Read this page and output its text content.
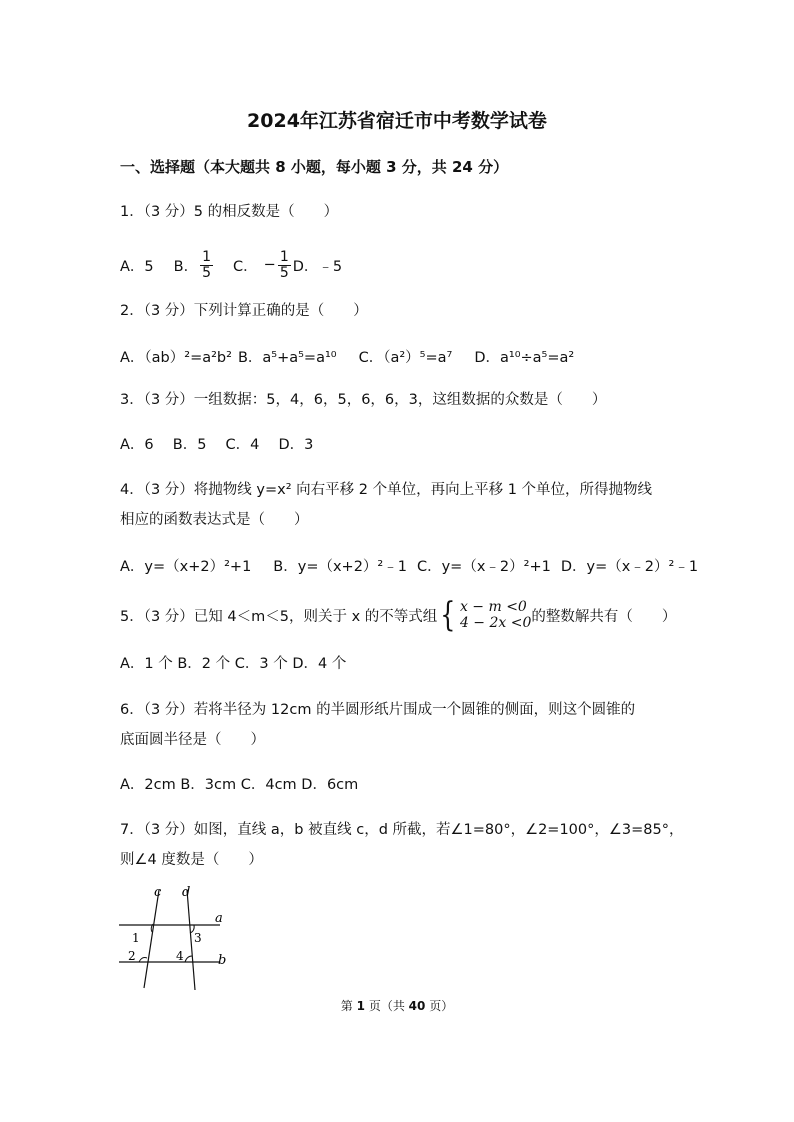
2024年江苏省宿迁市中考数学试卷
一、选择题（本大题共 8 小题，每小题 3 分，共 24 分）
1．（3 分）5 的相反数是（　　）
A．5 B． $\frac{1}{5}$ C． − $\frac{1}{5}$ D．﹣5
2．（3 分）下列计算正确的是（　　）
A．（ab）²=a²b² B．a⁵+a⁵=a¹⁰ C．（a²）⁵=a⁷ D．a¹⁰÷a⁵=a²
3．（3 分）一组数据：5，4，6，5，6，6，3，这组数据的众数是（　　）
A．6　 B．5　 C．4　 D．3
4．（3 分）将抛物线 y=x² 向右平移 2 个单位，再向上平移 1 个单位，所得抛物线
相应的函数表达式是（　　）
A．y=（x+2）²+1 B．y=（x+2）²﹣1 C．y=（x﹣2）²+1 D．y=（x﹣2）²﹣1
5．（3 分）已知 4＜m＜5，则关于 x 的不等式组 { x − m <0
4 − 2x <0 的整数解共有（　　）
A．1 个 B．2 个 C．3 个 D．4 个
6．（3 分）若将半径为 12cm 的半圆形纸片围成一个圆锥的侧面，则这个圆锥的
底面圆半径是（　　）
A．2cm B．3cm C．4cm D．6cm
7．（3 分）如图，直线 a，b 被直线 c，d 所截，若∠1=80°，∠2=100°，∠3=85°，
则∠4 度数是（　　）
c d
a
b
1
2
3
4
第 1 页（共 40 页）
